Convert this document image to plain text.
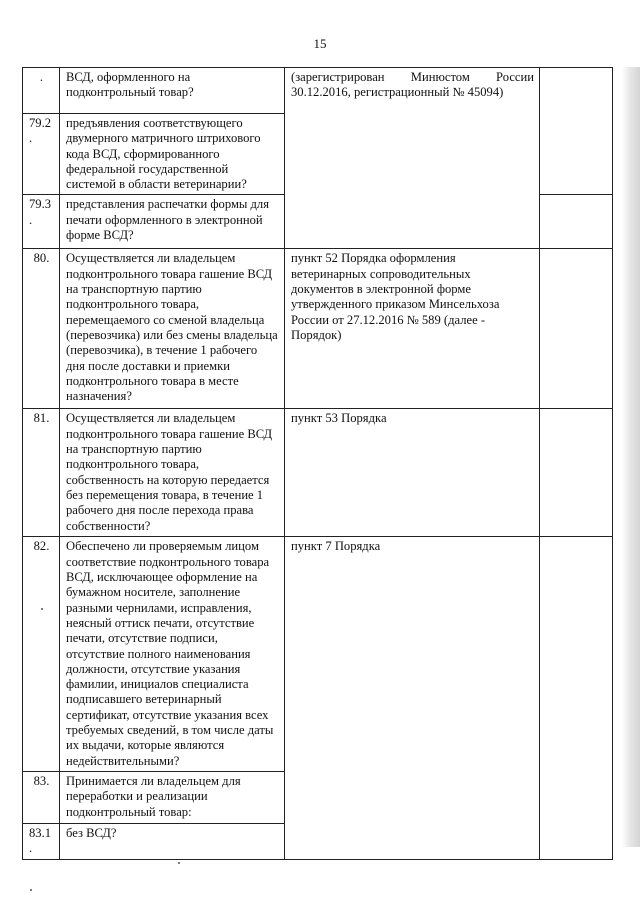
15
.	ВСД, оформленного на подконтрольный товар?	(зарегистрирован Минюстом России
30.12.2016, регистрационный № 45094)	

79.2
.	предъявления соответствующего двумерного матричного штрихового кода ВСД, сформированного федеральной государственной системой в области ветеринарии?		
79.3
.	представления распечатки формы для печати оформленного в электронной форме ВСД?		
80.	Осуществляется ли владельцем подконтрольного товара гашение ВСД на транспортную партию подконтрольного товара, перемещаемого со сменой владельца (перевозчика) или без смены владельца (перевозчика), в течение 1 рабочего дня после доставки и приемки подконтрольного товара в месте назначения?	пункт 52 Порядка оформления ветеринарных сопроводительных документов в электронной форме утвержденного приказом Минсельхоза России от 27.12.2016 № 589 (далее - Порядок)	
81.	Осуществляется ли владельцем подконтрольного товара гашение ВСД на транспортную партию подконтрольного товара, собственность на которую передается без перемещения товара, в течение 1 рабочего дня после перехода права собственности?	пункт 53 Порядка	
82.	Обеспечено ли проверяемым лицом соответствие подконтрольного товара ВСД, исключающее оформление на бумажном носителе, заполнение разными чернилами, исправления, неясный оттиск печати, отсутствие печати, отсутствие подписи, отсутствие полного наименования должности, отсутствие указания фамилии, инициалов специалиста подписавшего ветеринарный сертификат, отсутствие указания всех требуемых сведений, в том числе даты их выдачи, которые являются недействительными?	пункт 7 Порядка	
83.	Принимается ли владельцем для переработки и реализации подконтрольный товар:		
83.1
.	без ВСД?		
